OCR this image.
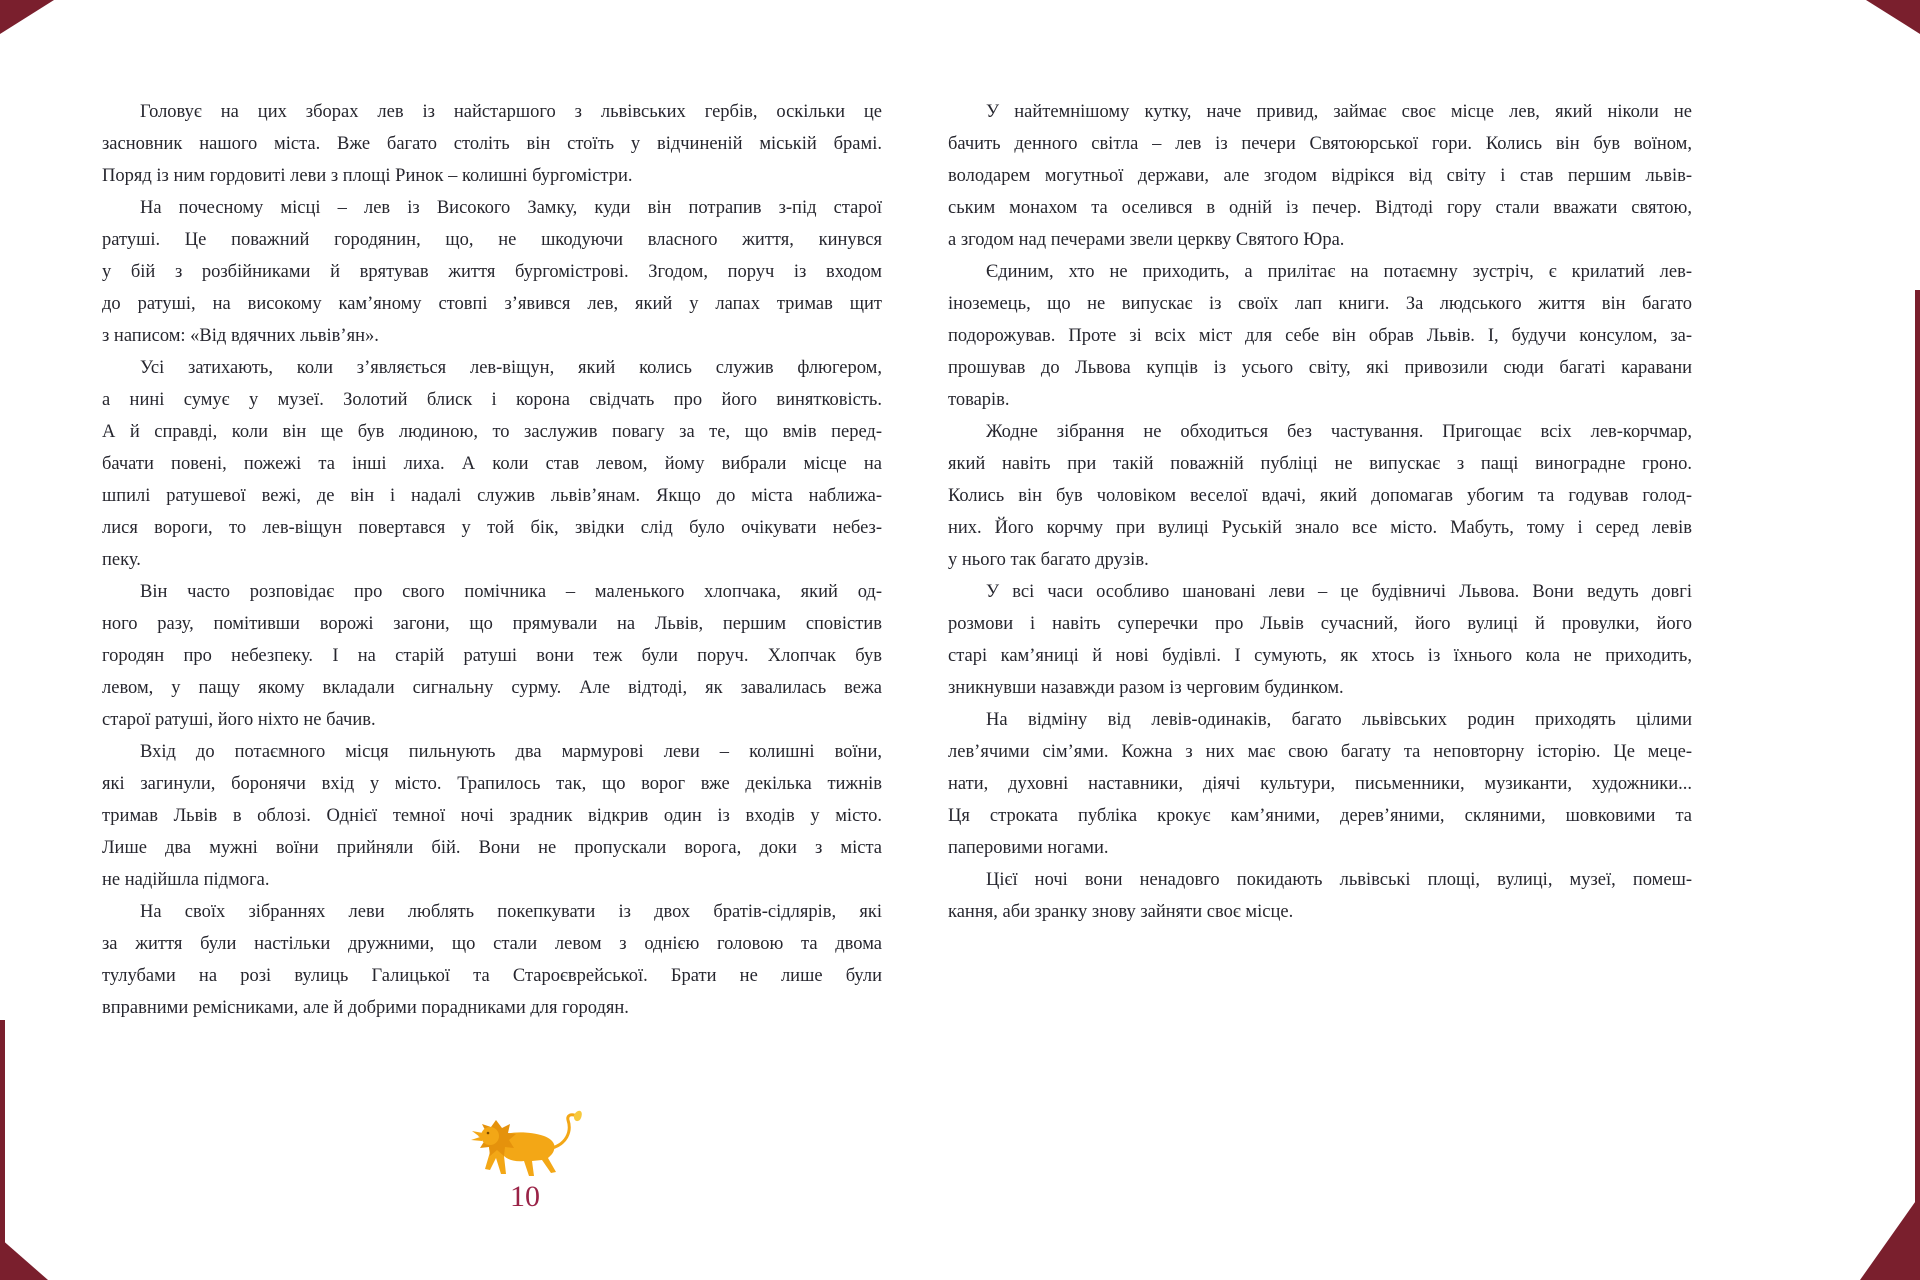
Головує на цих зборах лев із найстаршого з львівських гербів, оскільки це
засновник нашого міста. Вже багато століть він стоїть у відчиненій міській брамі.
Поряд із ним гордовиті леви з площі Ринок – колишні бургомістри.
На почесному місці – лев із Високого Замку, куди він потрапив з-під старої
ратуші. Це поважний городянин, що, не шкодуючи власного життя, кинувся
у бій з розбійниками й врятував життя бургомістрові. Згодом, поруч із входом
до ратуші, на високому кам’яному стовпі з’явився лев, який у лапах тримав щит
з написом: «Від вдячних львів’ян».
Усі затихають, коли з’являється лев-віщун, який колись служив флюгером,
а нині сумує у музеї. Золотий блиск і корона свідчать про його винятковість.
А й справді, коли він ще був людиною, то заслужив повагу за те, що вмів перед-
бачати повені, пожежі та інші лиха. А коли став левом, йому вибрали місце на
шпилі ратушевої вежі, де він і надалі служив львів’янам. Якщо до міста наближа-
лися вороги, то лев-віщун повертався у той бік, звідки слід було очікувати небез-
пеку.
Він часто розповідає про свого помічника – маленького хлопчака, який од-
ного разу, помітивши ворожі загони, що прямували на Львів, першим сповістив
городян про небезпеку. І на старій ратуші вони теж були поруч. Хлопчак був
левом, у пащу якому вкладали сигнальну сурму. Але відтоді, як завалилась вежа
старої ратуші, його ніхто не бачив.
Вхід до потаємного місця пильнують два мармурові леви – колишні воїни,
які загинули, боронячи вхід у місто. Трапилось так, що ворог вже декілька тижнів
тримав Львів в облозі. Однієї темної ночі зрадник відкрив один із входів у місто.
Лише два мужні воїни прийняли бій. Вони не пропускали ворога, доки з міста
не надійшла підмога.
На своїх зібраннях леви люблять покепкувати із двох братів-сідлярів, які
за життя були настільки дружними, що стали левом з однією головою та двома
тулубами на розі вулиць Галицької та Староєврейської. Брати не лише були
вправними ремісниками, але й добрими порадниками для городян.
У найтемнішому кутку, наче привид, займає своє місце лев, який ніколи не
бачить денного світла – лев із печери Святоюрської гори. Колись він був воїном,
володарем могутньої держави, але згодом відрікся від світу і став першим львів-
ським монахом та оселився в одній із печер. Відтоді гору стали вважати святою,
а згодом над печерами звели церкву Святого Юра.
Єдиним, хто не приходить, а прилітає на потаємну зустріч, є крилатий лев-
іноземець, що не випускає із своїх лап книги. За людського життя він багато
подорожував. Проте зі всіх міст для себе він обрав Львів. І, будучи консулом, за-
прошував до Львова купців із усього світу, які привозили сюди багаті каравани
товарів.
Жодне зібрання не обходиться без частування. Пригощає всіх лев-корчмар,
який навіть при такій поважній публіці не випускає з пащі виноградне гроно.
Колись він був чоловіком веселої вдачі, який допомагав убогим та годував голод-
них. Його корчму при вулиці Руській знало все місто. Мабуть, тому і серед левів
у нього так багато друзів.
У всі часи особливо шановані леви – це будівничі Львова. Вони ведуть довгі
розмови і навіть суперечки про Львів сучасний, його вулиці й провулки, його
старі кам’яниці й нові будівлі. І сумують, як хтось із їхнього кола не приходить,
зникнувши назавжди разом із черговим будинком.
На відміну від левів-одинаків, багато львівських родин приходять цілими
лев’ячими сім’ями. Кожна з них має свою багату та неповторну історію. Це меце-
нати, духовні наставники, діячі культури, письменники, музиканти, художники...
Ця строката публіка крокує кам’яними, дерев’яними, скляними, шовковими та
паперовими ногами.
Цієї ночі вони ненадовго покидають львівські площі, вулиці, музеї, помеш-
кання, аби зранку знову зайняти своє місце.
10
